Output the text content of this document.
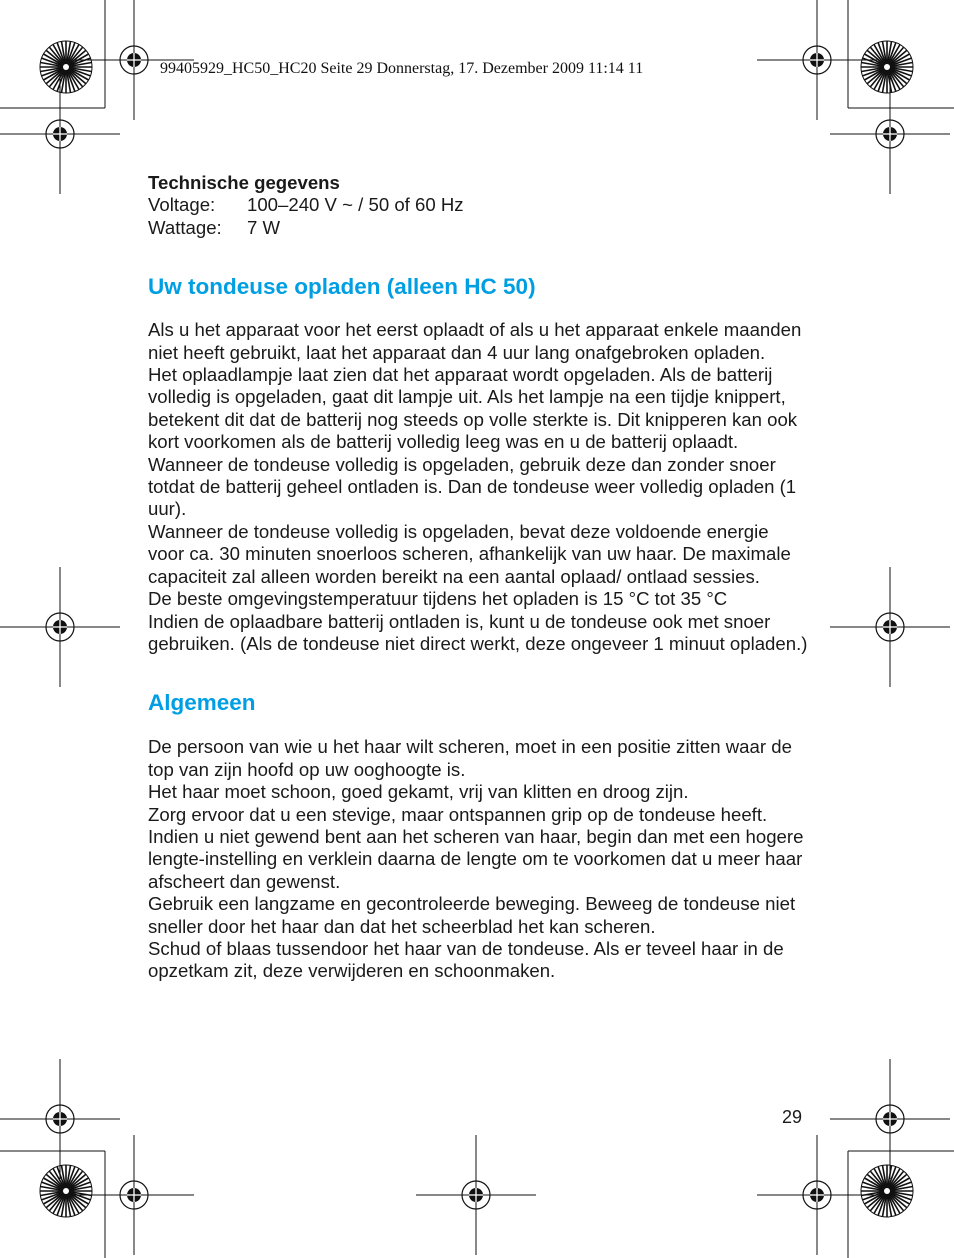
99405929_HC50_HC20 Seite 29 Donnerstag, 17. Dezember 2009 11:14 11

Technische gegevens

Voltage:	100–240 V ~ / 50 of 60 Hz
Wattage:	7 W
Uw tondeuse opladen (alleen HC 50)

Als u het apparaat voor het eerst oplaadt of als u het apparaat enkele maanden niet heeft gebruikt, laat het apparaat dan 4 uur lang onafgebroken opladen.

Het oplaadlampje laat zien dat het apparaat wordt opgeladen. Als de batterij volledig is opgeladen, gaat dit lampje uit. Als het lampje na een tijdje knippert, betekent dit dat de batterij nog steeds op volle sterkte is. Dit knipperen kan ook kort voorkomen als de batterij volledig leeg was en u de batterij oplaadt.

Wanneer de tondeuse volledig is opgeladen, gebruik deze dan zonder snoer totdat de batterij geheel ontladen is. Dan de tondeuse weer volledig opladen (1 uur).

Wanneer de tondeuse volledig is opgeladen, bevat deze voldoende energie voor ca. 30 minuten snoerloos scheren, afhankelijk van uw haar. De maximale capaciteit zal alleen worden bereikt na een aantal oplaad/ ontlaad sessies.

De beste omgevingstemperatuur tijdens het opladen is 15 °C tot 35 °C

Indien de oplaadbare batterij ontladen is, kunt u de tondeuse ook met snoer gebruiken. (Als de tondeuse niet direct werkt, deze ongeveer 1 minuut opladen.)

Algemeen

De persoon van wie u het haar wilt scheren, moet in een positie zitten waar de top van zijn hoofd op uw ooghoogte is.

Het haar moet schoon, goed gekamt, vrij van klitten en droog zijn.

Zorg ervoor dat u een stevige, maar ontspannen grip op de tondeuse heeft.

Indien u niet gewend bent aan het scheren van haar, begin dan met een hogere lengte-instelling en verklein daarna de lengte om te voorkomen dat u meer haar afscheert dan gewenst.

Gebruik een langzame en gecontroleerde beweging. Beweeg de tondeuse niet sneller door het haar dan dat het scheerblad het kan scheren.

Schud of blaas tussendoor het haar van de tondeuse. Als er teveel haar in de opzetkam zit, deze verwijderen en schoonmaken.

29
